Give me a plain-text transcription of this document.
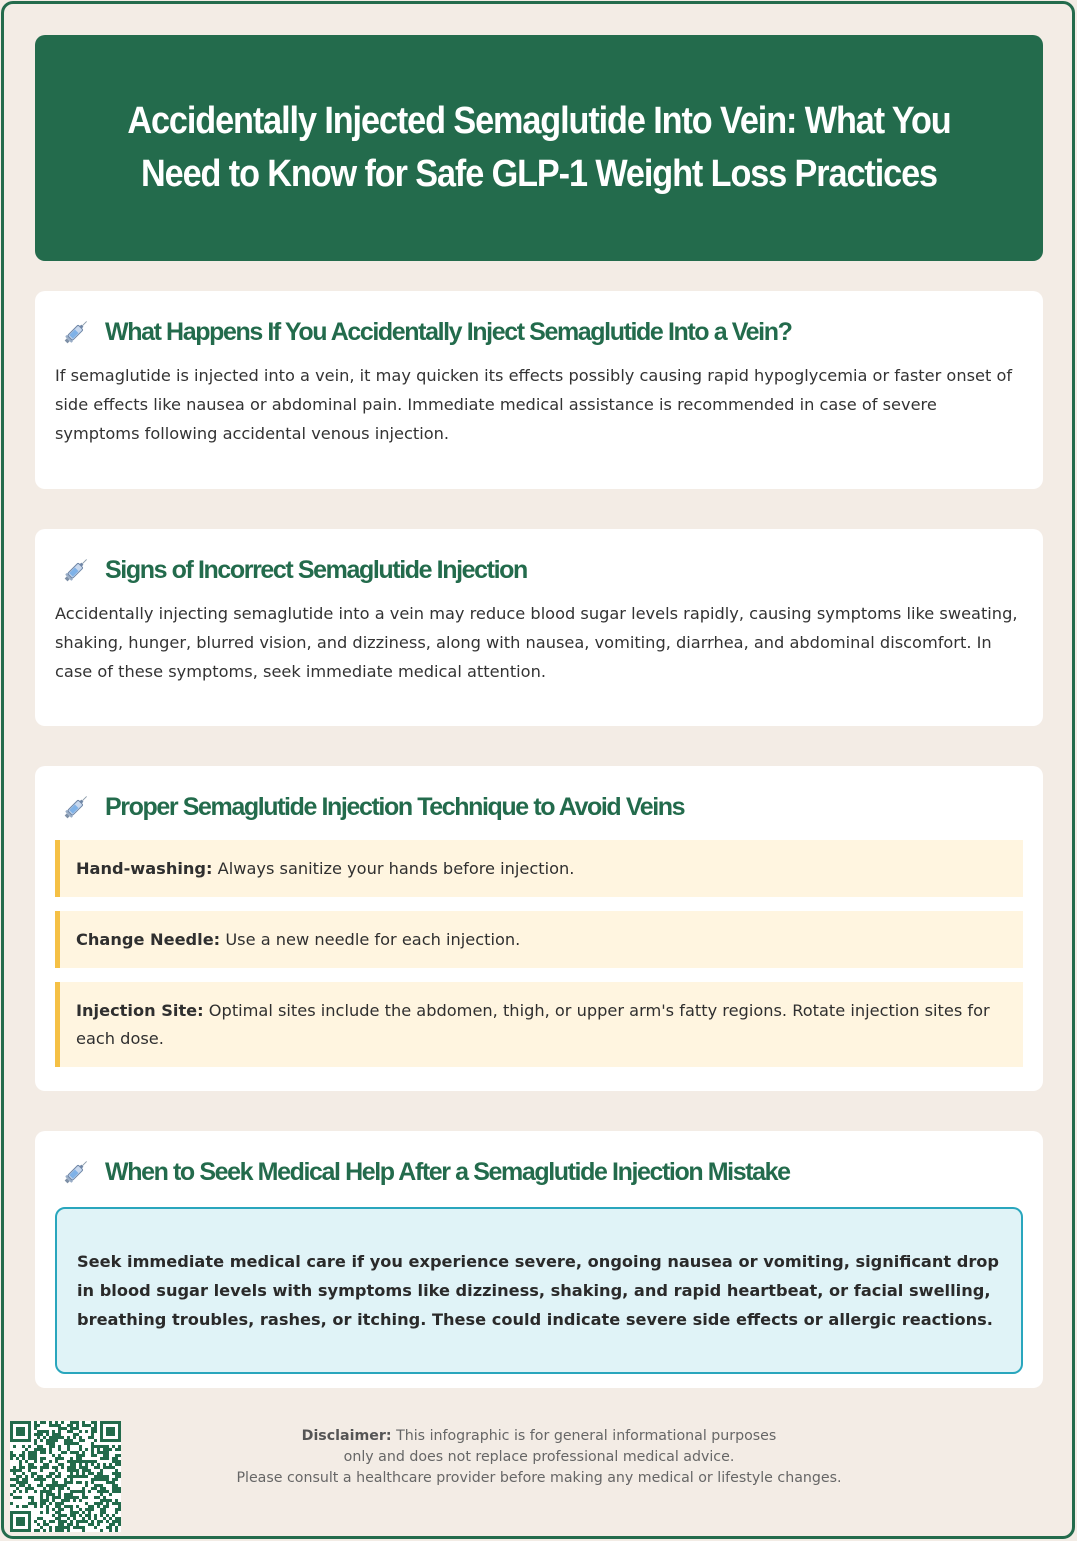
Accidentally Injected Semaglutide Into Vein: What You Need to Know for Safe GLP-1 Weight Loss Practices
What Happens If You Accidentally Inject Semaglutide Into a Vein?

If semaglutide is injected into a vein, it may quicken its effects possibly causing rapid hypoglycemia or faster onset of side effects like nausea or abdominal pain. Immediate medical assistance is recommended in case of severe symptoms following accidental venous injection.

Signs of Incorrect Semaglutide Injection

Accidentally injecting semaglutide into a vein may reduce blood sugar levels rapidly, causing symptoms like sweating, shaking, hunger, blurred vision, and dizziness, along with nausea, vomiting, diarrhea, and abdominal discomfort. In case of these symptoms, seek immediate medical attention.

Proper Semaglutide Injection Technique to Avoid Veins
Hand-washing: Always sanitize your hands before injection.
Change Needle: Use a new needle for each injection.
Injection Site: Optimal sites include the abdomen, thigh, or upper arm's fatty regions. Rotate injection sites for each dose.
When to Seek Medical Help After a Semaglutide Injection Mistake
Seek immediate medical care if you experience severe, ongoing nausea or vomiting, significant drop in blood sugar levels with symptoms like dizziness, shaking, and rapid heartbeat, or facial swelling, breathing troubles, rashes, or itching. These could indicate severe side effects or allergic reactions.
Disclaimer: This infographic is for general informational purposes
only and does not replace professional medical advice.
Please consult a healthcare provider before making any medical or lifestyle changes.
